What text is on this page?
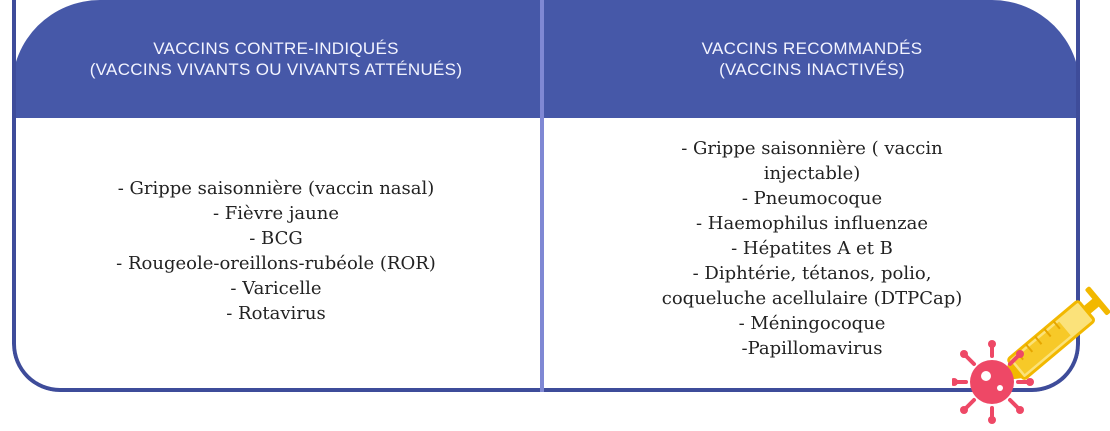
VACCINS CONTRE-INDIQUÉS
(VACCINS VIVANTS OU VIVANTS ATTÉNUÉS)
VACCINS RECOMMANDÉS
(VACCINS INACTIVÉS)
- Grippe saisonnière (vaccin nasal)
- Fièvre jaune
- BCG
- Rougeole-oreillons-rubéole (ROR)
- Varicelle
- Rotavirus
- Grippe saisonnière ( vaccin injectable)
- Pneumocoque
- Haemophilus influenzae
- Hépatites A et B
- Diphtérie, tétanos, polio, coqueluche acellulaire (DTPCap)
- Méningocoque
-Papillomavirus
